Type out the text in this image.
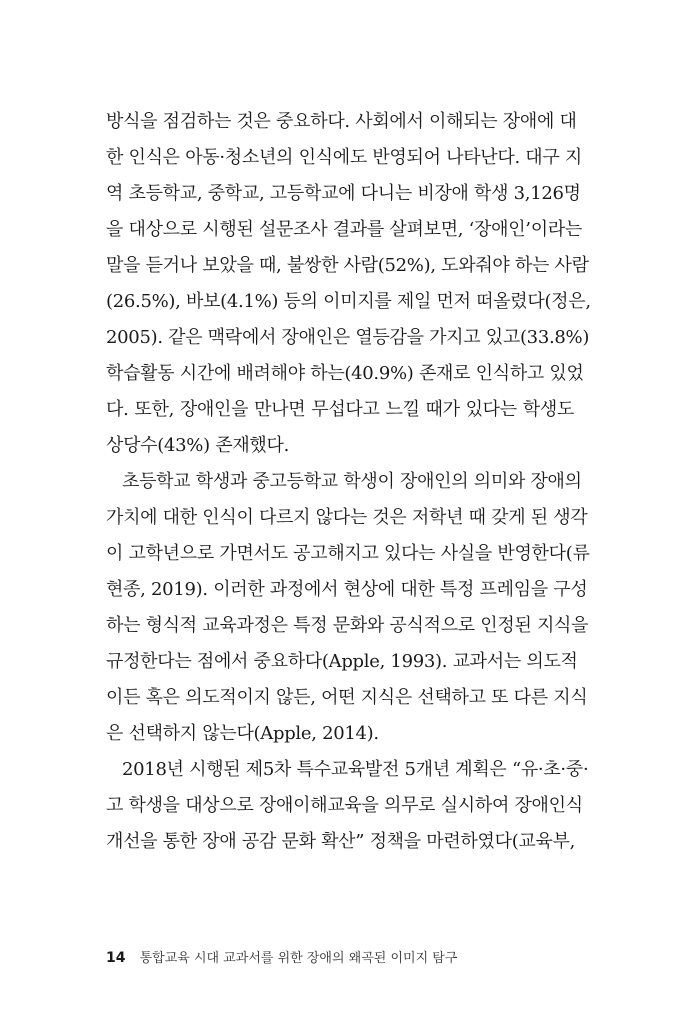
방식을 점검하는 것은 중요하다. 사회에서 이해되는 장애에 대
한 인식은 아동·청소년의 인식에도 반영되어 나타난다. 대구 지
역 초등학교, 중학교, 고등학교에 다니는 비장애 학생 3,126명
을 대상으로 시행된 설문조사 결과를 살펴보면, ‘장애인’이라는
말을 듣거나 보았을 때, 불쌍한 사람(52%), 도와줘야 하는 사람
(26.5%), 바보(4.1%) 등의 이미지를 제일 먼저 떠올렸다(정은,
2005). 같은 맥락에서 장애인은 열등감을 가지고 있고(33.8%)
학습활동 시간에 배려해야 하는(40.9%) 존재로 인식하고 있었
다. 또한, 장애인을 만나면 무섭다고 느낄 때가 있다는 학생도
상당수(43%) 존재했다.
초등학교 학생과 중고등학교 학생이 장애인의 의미와 장애의
가치에 대한 인식이 다르지 않다는 것은 저학년 때 갖게 된 생각
이 고학년으로 가면서도 공고해지고 있다는 사실을 반영한다(류
현종, 2019). 이러한 과정에서 현상에 대한 특정 프레임을 구성
하는 형식적 교육과정은 특정 문화와 공식적으로 인정된 지식을
규정한다는 점에서 중요하다(Apple, 1993). 교과서는 의도적
이든 혹은 의도적이지 않든, 어떤 지식은 선택하고 또 다른 지식
은 선택하지 않는다(Apple, 2014).
2018년 시행된 제5차 특수교육발전 5개년 계획은 “유·초·중·
고 학생을 대상으로 장애이해교육을 의무로 실시하여 장애인식
개선을 통한 장애 공감 문화 확산” 정책을 마련하였다(교육부,
14 통합교육 시대 교과서를 위한 장애의 왜곡된 이미지 탐구
